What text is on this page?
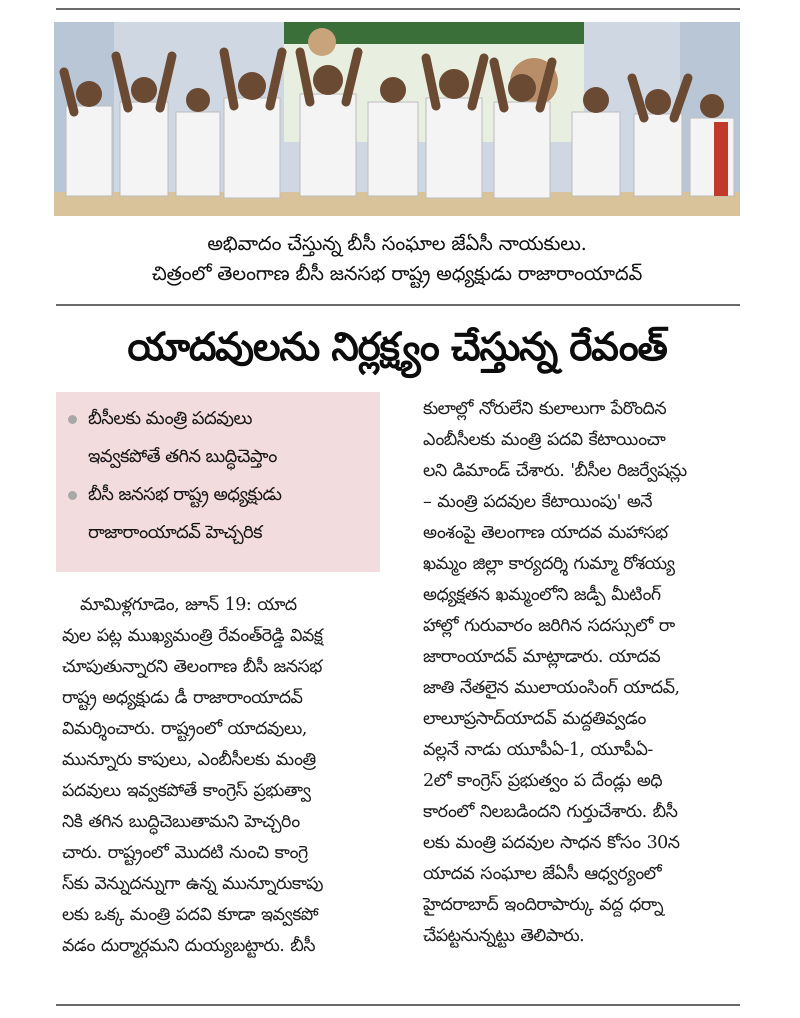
అభివాదం చేస్తున్న బీసీ సంఘాల జేఏసీ నాయకులు.
చిత్రంలో తెలంగాణ బీసీ జనసభ రాష్ట్ర అధ్యక్షుడు రాజారాంయాదవ్
యాదవులను నిర్లక్ష్యం చేస్తున్న రేవంత్
బీసీలకు మంత్రి పదవులు
ఇవ్వకపోతే తగిన బుద్ధిచెప్తాం
బీసీ జనసభ రాష్ట్ర అధ్యక్షుడు
రాజారాంయాదవ్ హెచ్చరిక
మామిళ్లగూడెం, జూన్ 19: యాద
వుల పట్ల ముఖ్యమంత్రి రేవంత్‌రెడ్డి వివక్ష
చూపుతున్నారని తెలంగాణ బీసీ జనసభ
రాష్ట్ర అధ్యక్షుడు డీ రాజారాంయాదవ్
విమర్శించారు. రాష్ట్రంలో యాదవులు,
మున్నూరు కాపులు, ఎంబీసీలకు మంత్రి
పదవులు ఇవ్వకపోతే కాంగ్రెస్ ప్రభుత్వా
నికి తగిన బుద్ధిచెబుతామని హెచ్చరిం
చారు. రాష్ట్రంలో మొదటి నుంచి కాంగ్రె
స్‌కు వెన్నుదన్నుగా ఉన్న మున్నూరుకాపు
లకు ఒక్క మంత్రి పదవి కూడా ఇవ్వకపో
వడం దుర్మార్గమని దుయ్యబట్టారు. బీసీ
కులాల్లో నోరులేని కులాలుగా పేరొందిన
ఎంబీసీలకు మంత్రి పదవి కేటాయించా
లని డిమాండ్ చేశారు. 'బీసీల రిజర్వేషన్లు
– మంత్రి పదవుల కేటాయింపు' అనే
అంశంపై తెలంగాణ యాదవ మహాసభ
ఖమ్మం జిల్లా కార్యదర్శి గుమ్మా రోశయ్య
అధ్యక్షతన ఖమ్మంలోని జడ్పీ మీటింగ్
హాల్లో గురువారం జరిగిన సదస్సులో రా
జారాంయాదవ్ మాట్లాడారు. యాదవ
జాతి నేతలైన ములాయంసింగ్ యాదవ్,
లాలూప్రసాద్‌యాదవ్ మద్దతివ్వడం
వల్లనే నాడు యూపీఏ-1, యూపీఏ-
2లో కాంగ్రెస్ ప్రభుత్వం ప దేండ్లు అధి
కారంలో నిలబడిందని గుర్తుచేశారు. బీసీ
లకు మంత్రి పదవుల సాధన కోసం 30న
యాదవ సంఘాల జేఏసీ ఆధ్వర్యంలో
హైదరాబాద్ ఇందిరాపార్కు వద్ద ధర్నా
చేపట్టనున్నట్టు తెలిపారు.
